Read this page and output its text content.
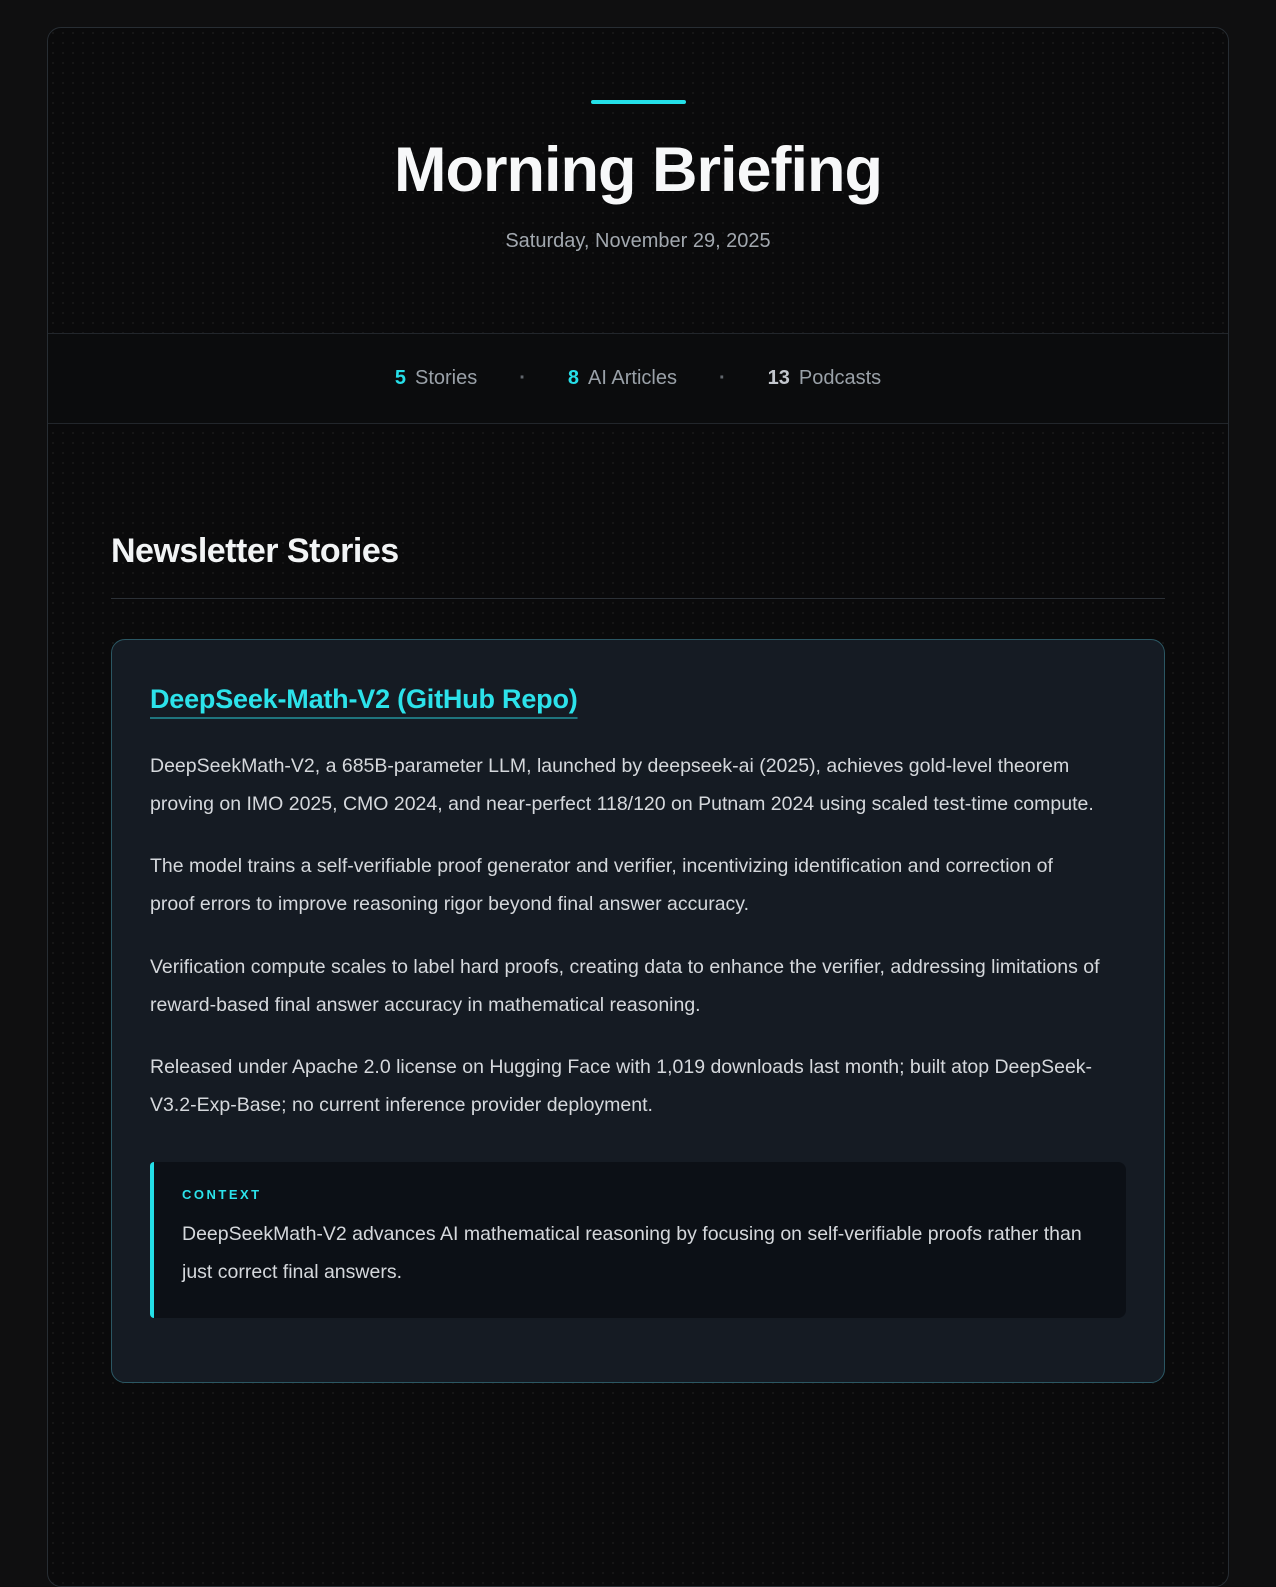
Morning Briefing

Saturday, November 29, 2025

5 Stories · 8 AI Articles · 13 Podcasts
Newsletter Stories
DeepSeek-Math-V2 (GitHub Repo)

DeepSeekMath-V2, a 685B-parameter LLM, launched by deepseek-ai (2025), achieves gold-level theorem proving on IMO 2025, CMO 2024, and near-perfect 118/120 on Putnam 2024 using scaled test-time compute.

The model trains a self-verifiable proof generator and verifier, incentivizing identification and correction of proof errors to improve reasoning rigor beyond final answer accuracy.

Verification compute scales to label hard proofs, creating data to enhance the verifier, addressing limitations of reward-based final answer accuracy in mathematical reasoning.

Released under Apache 2.0 license on Hugging Face with 1,019 downloads last month; built atop DeepSeek-V3.2-Exp-Base; no current inference provider deployment.

CONTEXT

DeepSeekMath-V2 advances AI mathematical reasoning by focusing on self-verifiable proofs rather than just correct final answers.
